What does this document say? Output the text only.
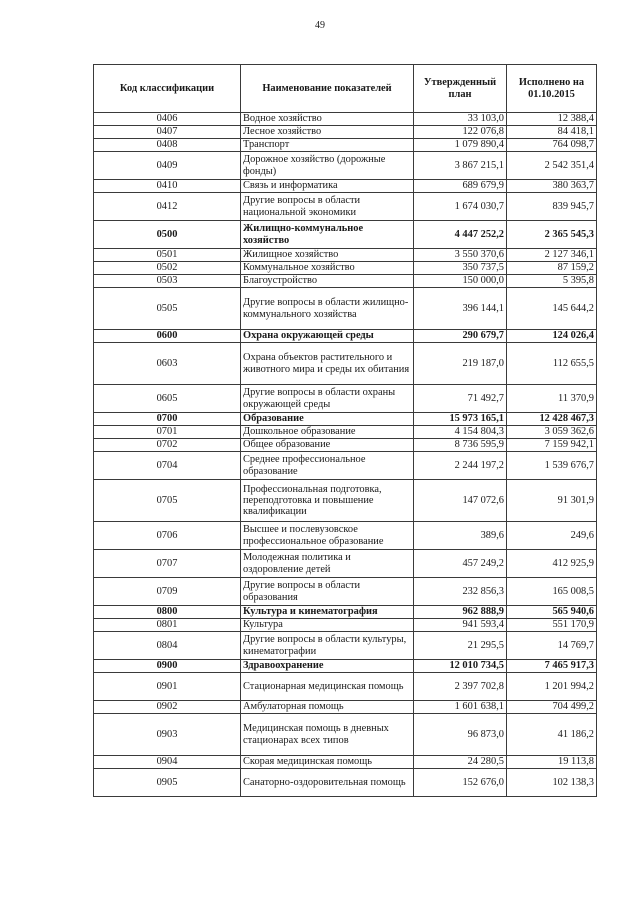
49
Код классификации	Наименование показателей	Утвержденный план	Исполнено на 01.10.2015
0406	Водное хозяйство	33 103,0	12 388,4
0407	Лесное хозяйство	122 076,8	84 418,1
0408	Транспорт	1 079 890,4	764 098,7
0409	Дорожное хозяйство (дорожные фонды)	3 867 215,1	2 542 351,4
0410	Связь и информатика	689 679,9	380 363,7
0412	Другие вопросы в области национальной экономики	1 674 030,7	839 945,7
0500	Жилищно-коммунальное хозяйство	4 447 252,2	2 365 545,3
0501	Жилищное хозяйство	3 550 370,6	2 127 346,1
0502	Коммунальное хозяйство	350 737,5	87 159,2
0503	Благоустройство	150 000,0	5 395,8
0505	Другие вопросы в области жилищно-коммунального хозяйства	396 144,1	145 644,2
0600	Охрана окружающей среды	290 679,7	124 026,4
0603	Охрана объектов растительного и животного мира и среды их обитания	219 187,0	112 655,5
0605	Другие вопросы в области охраны окружающей среды	71 492,7	11 370,9
0700	Образование	15 973 165,1	12 428 467,3
0701	Дошкольное образование	4 154 804,3	3 059 362,6
0702	Общее образование	8 736 595,9	7 159 942,1
0704	Среднее профессиональное образование	2 244 197,2	1 539 676,7
0705	Профессиональная подготовка, переподготовка и повышение квалификации	147 072,6	91 301,9
0706	Высшее и послевузовское профессиональное образование	389,6	249,6
0707	Молодежная политика и оздоровление детей	457 249,2	412 925,9
0709	Другие вопросы в области образования	232 856,3	165 008,5
0800	Культура и кинематография	962 888,9	565 940,6
0801	Культура	941 593,4	551 170,9
0804	Другие вопросы в области культуры, кинематографии	21 295,5	14 769,7
0900	Здравоохранение	12 010 734,5	7 465 917,3
0901	Стационарная медицинская помощь	2 397 702,8	1 201 994,2
0902	Амбулаторная помощь	1 601 638,1	704 499,2
0903	Медицинская помощь в дневных стационарах всех типов	96 873,0	41 186,2
0904	Скорая медицинская помощь	24 280,5	19 113,8
0905	Санаторно-оздоровительная помощь	152 676,0	102 138,3
